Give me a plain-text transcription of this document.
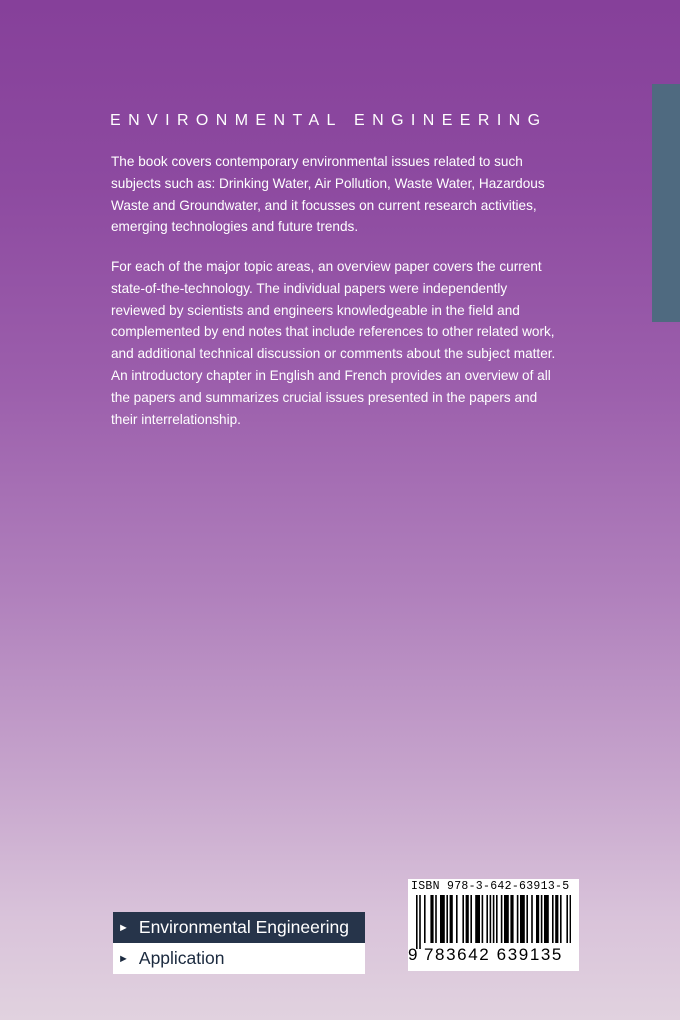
ENVIRONMENTAL ENGINEERING

The book covers contemporary environmental issues related to such subjects such as: Drinking Water, Air Pollution, Waste Water, Hazardous Waste and Groundwater, and it focusses on current research activities, emerging technologies and future trends.

For each of the major topic areas, an overview paper covers the current state-of-the-technology. The individual papers were independently reviewed by scientists and engineers knowledgeable in the field and complemented by end notes that include references to other related work, and additional technical discussion or comments about the subject matter. An introductory chapter in English and French provides an overview of all the papers and summarizes crucial issues presented in the papers and their interrelationship.

► Environmental Engineering
► Application
ISBN 978-3-642-63913-5
9 783642 639135
